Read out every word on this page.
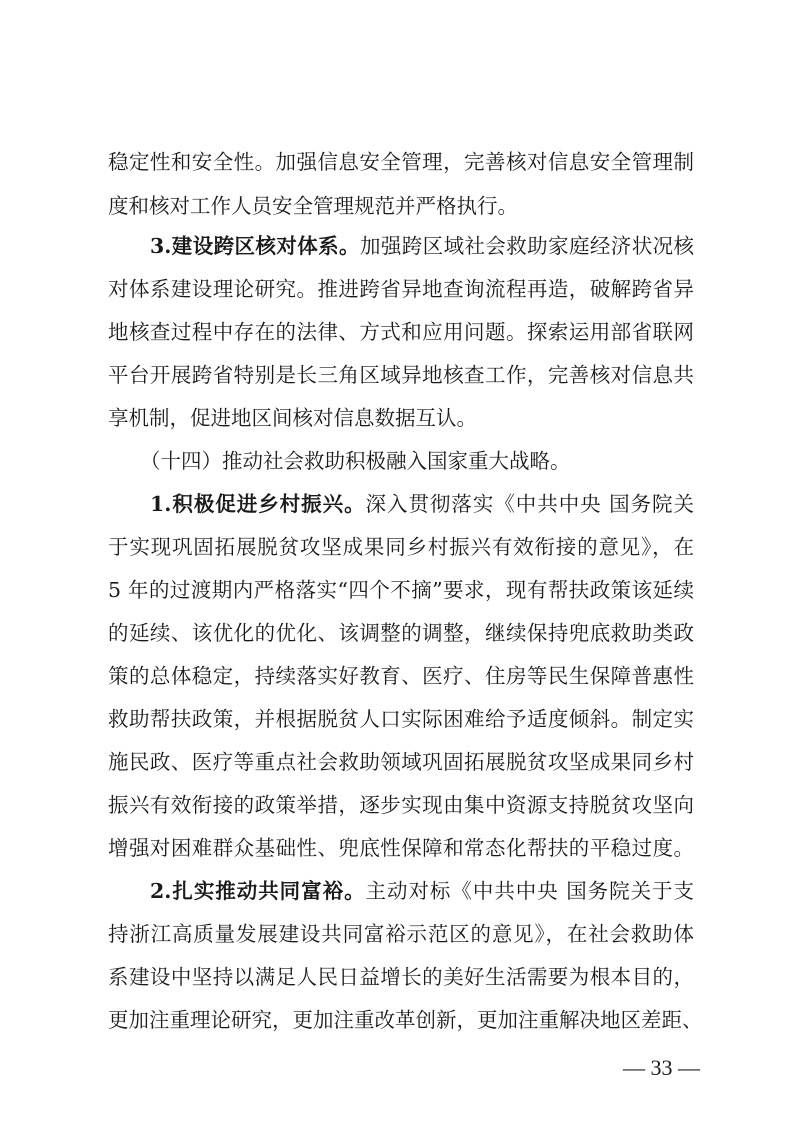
稳定性和安全性。加强信息安全管理，完善核对信息安全管理制
度和核对工作人员安全管理规范并严格执行。
3.建设跨区核对体系。加强跨区域社会救助家庭经济状况核
对体系建设理论研究。推进跨省异地查询流程再造，破解跨省异
地核查过程中存在的法律、方式和应用问题。探索运用部省联网
平台开展跨省特别是长三角区域异地核查工作，完善核对信息共
享机制，促进地区间核对信息数据互认。
（十四）推动社会救助积极融入国家重大战略。
1.积极促进乡村振兴。深入贯彻落实《中共中央 国务院关
于实现巩固拓展脱贫攻坚成果同乡村振兴有效衔接的意见》，在
5 年的过渡期内严格落实“四个不摘”要求，现有帮扶政策该延续
的延续、该优化的优化、该调整的调整，继续保持兜底救助类政
策的总体稳定，持续落实好教育、医疗、住房等民生保障普惠性
救助帮扶政策，并根据脱贫人口实际困难给予适度倾斜。制定实
施民政、医疗等重点社会救助领域巩固拓展脱贫攻坚成果同乡村
振兴有效衔接的政策举措，逐步实现由集中资源支持脱贫攻坚向
增强对困难群众基础性、兜底性保障和常态化帮扶的平稳过度。
2.扎实推动共同富裕。主动对标《中共中央 国务院关于支
持浙江高质量发展建设共同富裕示范区的意见》，在社会救助体
系建设中坚持以满足人民日益增长的美好生活需要为根本目的，
更加注重理论研究，更加注重改革创新，更加注重解决地区差距、
— 33 —
